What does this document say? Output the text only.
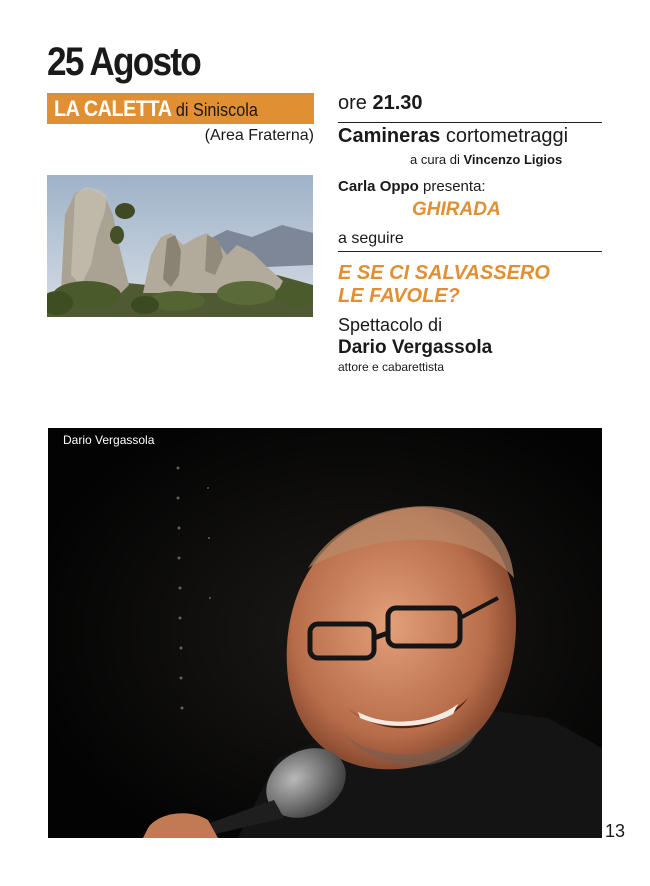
25 Agosto
LA CALETTA di Siniscola
(Area Fraterna)
ore 21.30
Camineras cortometraggi
a cura di Vincenzo Ligios
Carla Oppo presenta:
GHIRADA
a seguire
E SE CI SALVASSERO
LE FAVOLE?
Spettacolo di
Dario Vergassola
attore e cabarettista
Dario Vergassola
13
